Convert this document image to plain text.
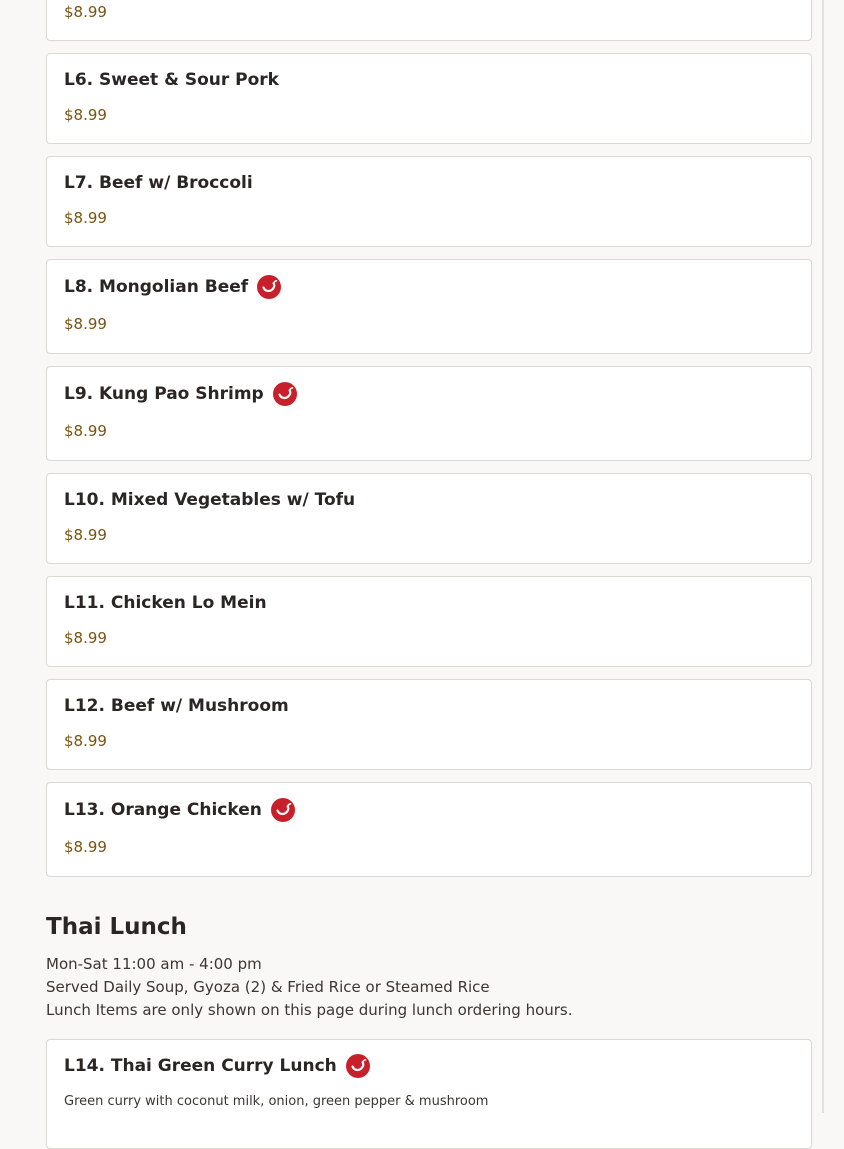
$8.99
L6. Sweet & Sour Pork
$8.99
L7. Beef w/ Broccoli
$8.99
L8. Mongolian Beef
$8.99
L9. Kung Pao Shrimp
$8.99
L10. Mixed Vegetables w/ Tofu
$8.99
L11. Chicken Lo Mein
$8.99
L12. Beef w/ Mushroom
$8.99
L13. Orange Chicken
$8.99
Thai Lunch
Mon-Sat 11:00 am - 4:00 pm
Served Daily Soup, Gyoza (2) & Fried Rice or Steamed Rice
Lunch Items are only shown on this page during lunch ordering hours.
L14. Thai Green Curry Lunch
Green curry with coconut milk, onion, green pepper & mushroom
